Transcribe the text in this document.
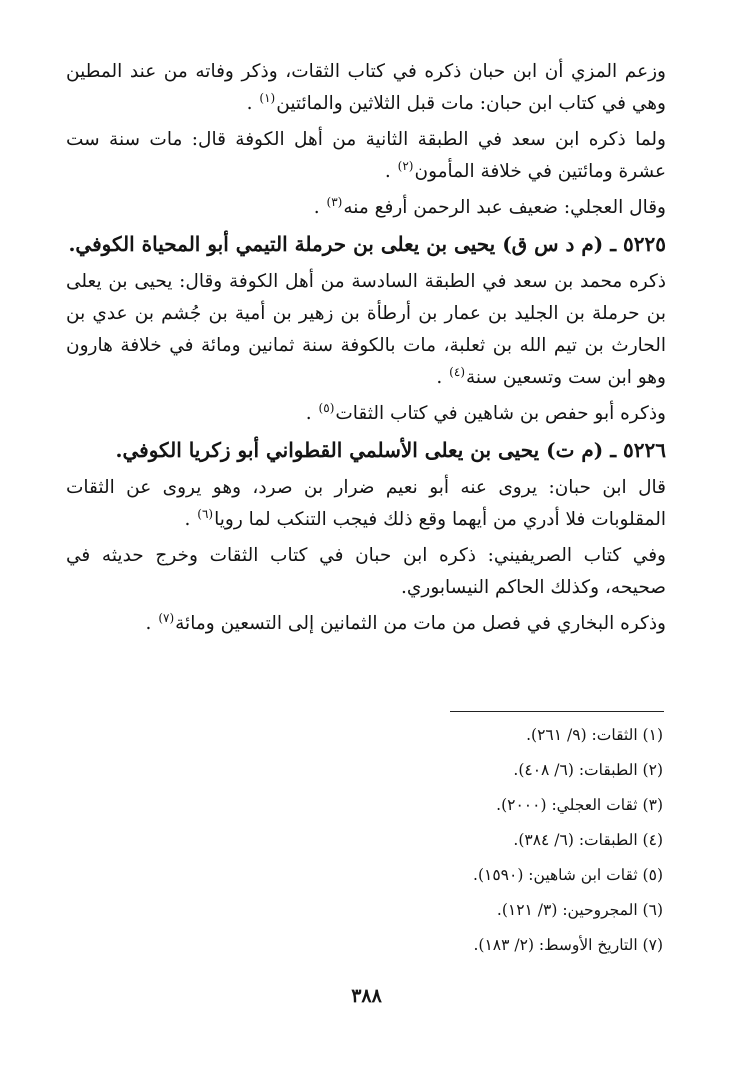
وزعم المزي أن ابن حبان ذكره في كتاب الثقات، وذكر وفاته من عند المطين وهي في كتاب ابن حبان: مات قبل الثلاثين والمائتين$^{(١)}$ .

ولما ذكره ابن سعد في الطبقة الثانية من أهل الكوفة قال: مات سنة ست عشرة ومائتين في خلافة المأمون$^{(٢)}$ .

وقال العجلي: ضعيف عبد الرحمن أرفع منه$^{(٣)}$ .

٥٢٢٥ ـ (م د س ق) يحيى بن يعلى بن حرملة التيمي أبو المحياة الكوفي.

ذكره محمد بن سعد في الطبقة السادسة من أهل الكوفة وقال: يحيى بن يعلى بن حرملة بن الجليد بن عمار بن أرطأة بن زهير بن أمية بن جُشم بن عدي بن الحارث بن تيم الله بن ثعلبة، مات بالكوفة سنة ثمانين ومائة في خلافة هارون وهو ابن ست وتسعين سنة$^{(٤)}$ .

وذكره أبو حفص بن شاهين في كتاب الثقات$^{(٥)}$ .

٥٢٢٦ ـ (م ت) يحيى بن يعلى الأسلمي القطواني أبو زكريا الكوفي.

قال ابن حبان: يروى عنه أبو نعيم ضرار بن صرد، وهو يروى عن الثقات المقلوبات فلا أدري من أيهما وقع ذلك فيجب التنكب لما رويا$^{(٦)}$ .

وفي كتاب الصريفيني: ذكره ابن حبان في كتاب الثقات وخرج حديثه في صحيحه، وكذلك الحاكم النيسابوري.

وذكره البخاري في فصل من مات من الثمانين إلى التسعين ومائة$^{(٧)}$ .

(١) الثقات: (٩/ ٢٦١).
(٢) الطبقات: (٦/ ٤٠٨).
(٣) ثقات العجلي: (٢٠٠٠).
(٤) الطبقات: (٦/ ٣٨٤).
(٥) ثقات ابن شاهين: (١٥٩٠).
(٦) المجروحين: (٣/ ١٢١).
(٧) التاريخ الأوسط: (٢/ ١٨٣).
٣٨٨
